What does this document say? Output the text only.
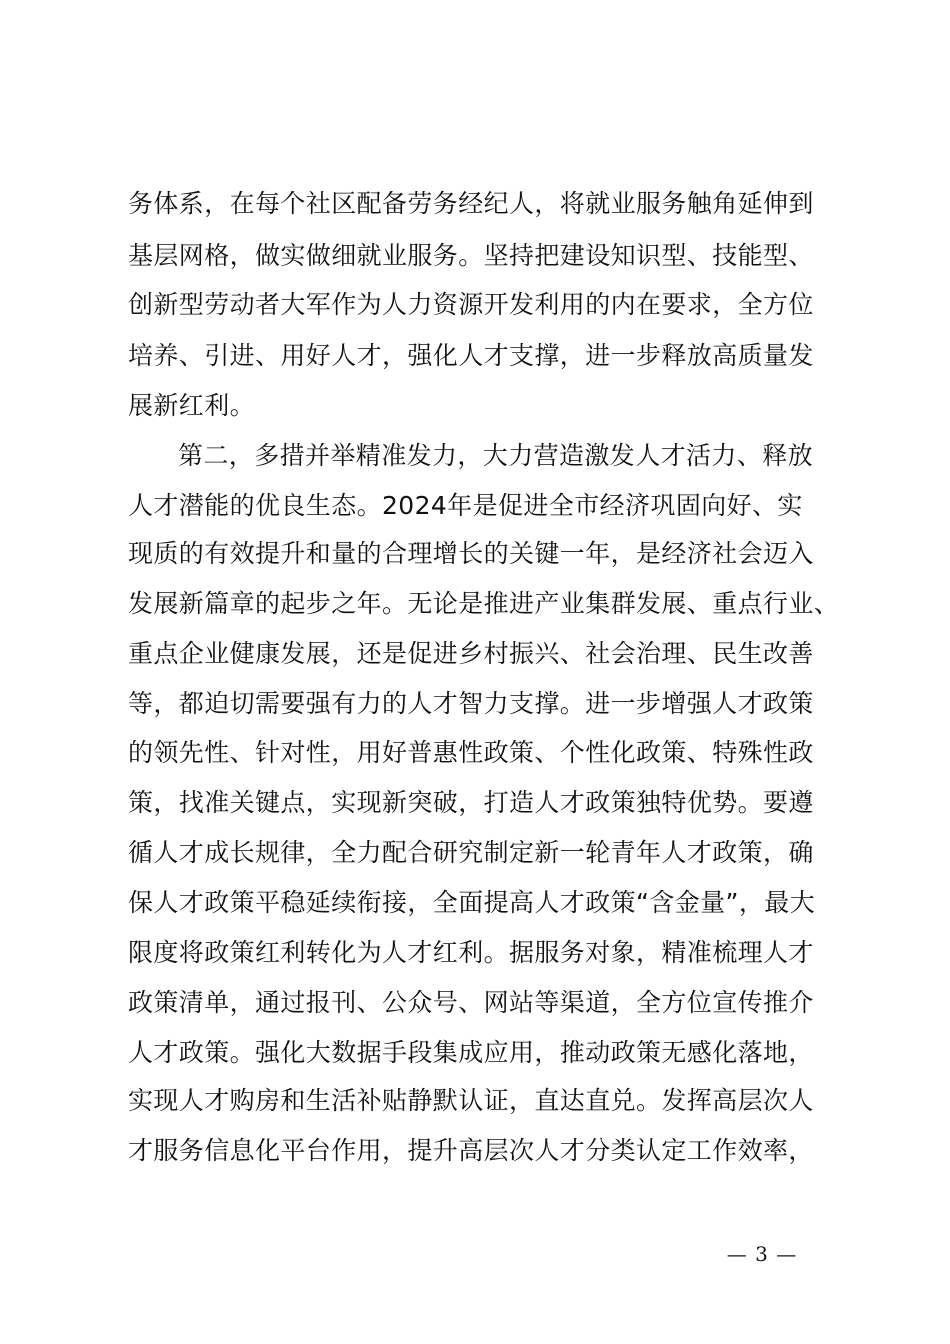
务体系，在每个社区配备劳务经纪人，将就业服务触角延伸到
基层网格，做实做细就业服务。坚持把建设知识型、技能型、
创新型劳动者大军作为人力资源开发利用的内在要求，全方位
培养、引进、用好人才，强化人才支撑，进一步释放高质量发
展新红利。
第二，多措并举精准发力，大力营造激发人才活力、释放
人才潜能的优良生态。2024年是促进全市经济巩固向好、实
现质的有效提升和量的合理增长的关键一年，是经济社会迈入
发展新篇章的起步之年。无论是推进产业集群发展、重点行业、
重点企业健康发展，还是促进乡村振兴、社会治理、民生改善
等，都迫切需要强有力的人才智力支撑。进一步增强人才政策
的领先性、针对性，用好普惠性政策、个性化政策、特殊性政
策，找准关键点，实现新突破，打造人才政策独特优势。要遵
循人才成长规律，全力配合研究制定新一轮青年人才政策，确
保人才政策平稳延续衔接，全面提高人才政策“含金量”，最大
限度将政策红利转化为人才红利。据服务对象，精准梳理人才
政策清单，通过报刊、公众号、网站等渠道，全方位宣传推介
人才政策。强化大数据手段集成应用，推动政策无感化落地，
实现人才购房和生活补贴静默认证，直达直兑。发挥高层次人
才服务信息化平台作用，提升高层次人才分类认定工作效率，
— 3 —
